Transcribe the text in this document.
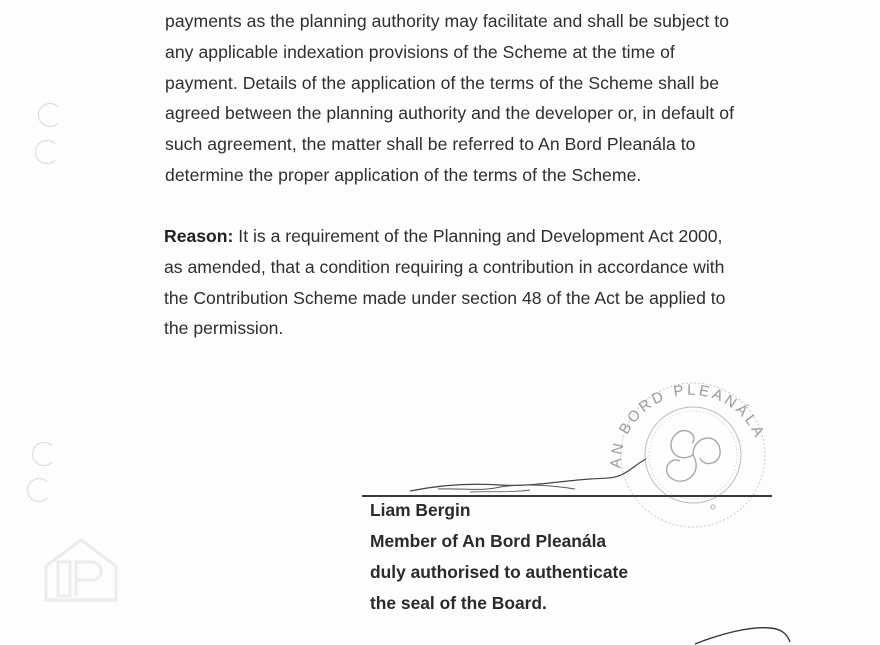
payments as the planning authority may facilitate and shall be subject to
any applicable indexation provisions of the Scheme at the time of
payment. Details of the application of the terms of the Scheme shall be
agreed between the planning authority and the developer or, in default of
such agreement, the matter shall be referred to An Bord Pleanála to
determine the proper application of the terms of the Scheme.

Reason: It is a requirement of the Planning and Development Act 2000,
as amended, that a condition requiring a contribution in accordance with
the Contribution Scheme made under section 48 of the Act be applied to
the permission.

AN BORD PLEANÁLA
Liam Bergin
Member of An Bord Pleanála
duly authorised to authenticate
the seal of the Board.
